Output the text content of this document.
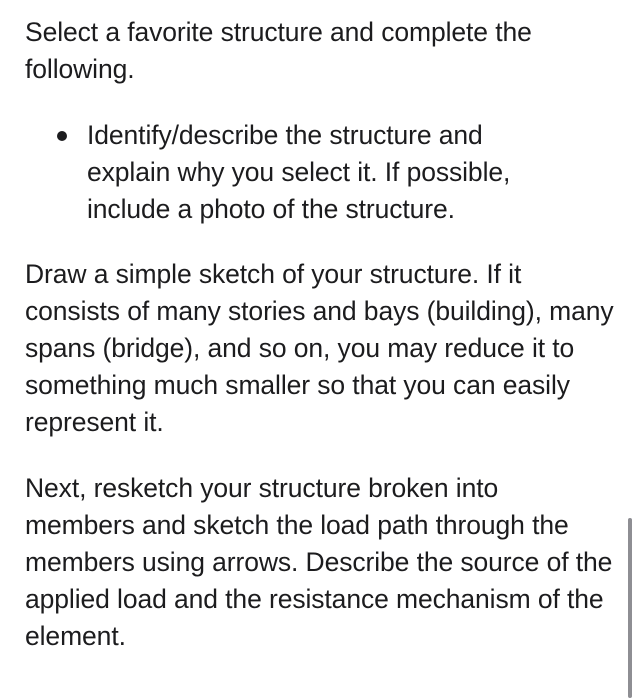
Select a favorite structure and complete the following.

Identify/describe the structure and explain why you select it. If possible, include a photo of the structure.

Draw a simple sketch of your structure. If it consists of many stories and bays (building), many spans (bridge), and so on, you may reduce it to something much smaller so that you can easily represent it.

Next, resketch your structure broken into members and sketch the load path through the members using arrows. Describe the source of the applied load and the resistance mechanism of the element.
